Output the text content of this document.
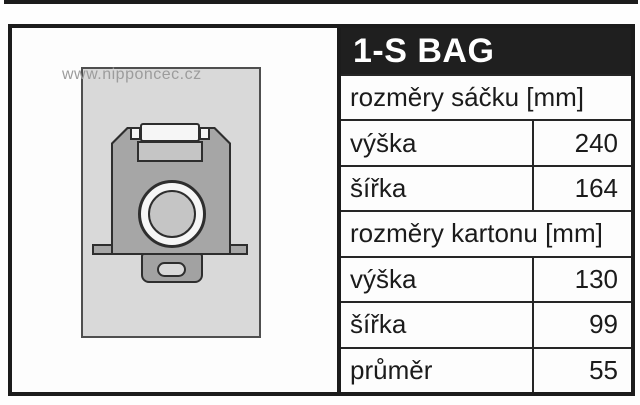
www.nipponcec.cz
1-S BAG
rozměry sáčku [mm]
výška	240
šířka	164
rozměry kartonu [mm]
výška	130
šířka	99
průměr	55
